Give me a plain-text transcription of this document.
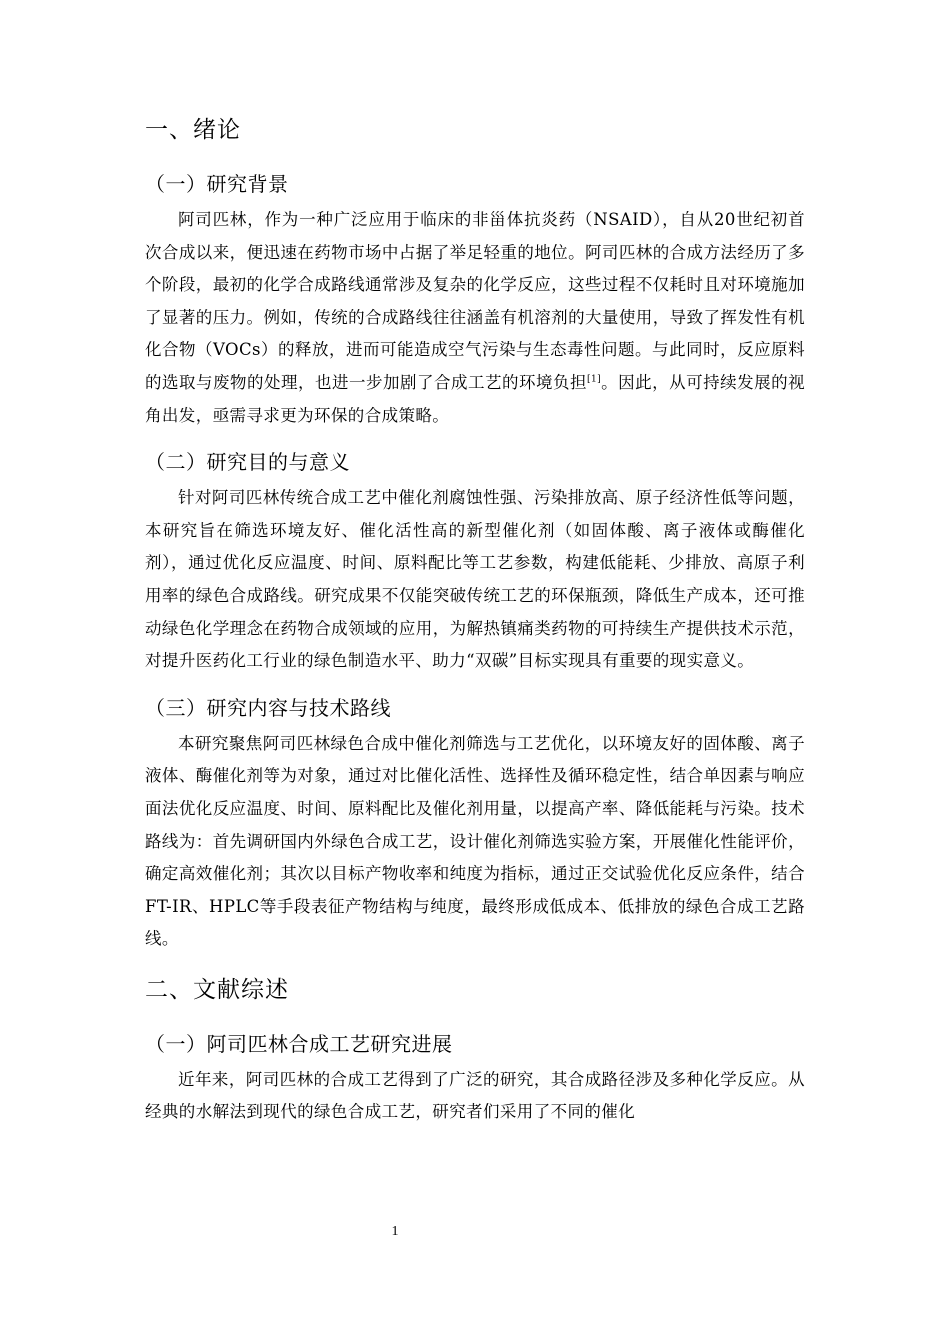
一、绪论
（一）研究背景

阿司匹林，作为一种广泛应用于临床的非甾体抗炎药（NSAID），自从20世纪初首次合成以来，便迅速在药物市场中占据了举足轻重的地位。阿司匹林的合成方法经历了多个阶段，最初的化学合成路线通常涉及复杂的化学反应，这些过程不仅耗时且对环境施加了显著的压力。例如，传统的合成路线往往涵盖有机溶剂的大量使用，导致了挥发性有机化合物（VOCs）的释放，进而可能造成空气污染与生态毒性问题。与此同时，反应原料的选取与废物的处理，也进一步加剧了合成工艺的环境负担[1]。因此，从可持续发展的视角出发，亟需寻求更为环保的合成策略。

（二）研究目的与意义

针对阿司匹林传统合成工艺中催化剂腐蚀性强、污染排放高、原子经济性低等问题，本研究旨在筛选环境友好、催化活性高的新型催化剂（如固体酸、离子液体或酶催化剂），通过优化反应温度、时间、原料配比等工艺参数，构建低能耗、少排放、高原子利用率的绿色合成路线。研究成果不仅能突破传统工艺的环保瓶颈，降低生产成本，还可推动绿色化学理念在药物合成领域的应用，为解热镇痛类药物的可持续生产提供技术示范，对提升医药化工行业的绿色制造水平、助力“双碳”目标实现具有重要的现实意义。

（三）研究内容与技术路线

本研究聚焦阿司匹林绿色合成中催化剂筛选与工艺优化，以环境友好的固体酸、离子液体、酶催化剂等为对象，通过对比催化活性、选择性及循环稳定性，结合单因素与响应面法优化反应温度、时间、原料配比及催化剂用量，以提高产率、降低能耗与污染。技术路线为：首先调研国内外绿色合成工艺，设计催化剂筛选实验方案，开展催化性能评价，确定高效催化剂；其次以目标产物收率和纯度为指标，通过正交试验优化反应条件，结合FT-IR、HPLC等手段表征产物结构与纯度，最终形成低成本、低排放的绿色合成工艺路线。

二、文献综述
（一）阿司匹林合成工艺研究进展

近年来，阿司匹林的合成工艺得到了广泛的研究，其合成路径涉及多种化学反应。从经典的水解法到现代的绿色合成工艺，研究者们采用了不同的催化

1
